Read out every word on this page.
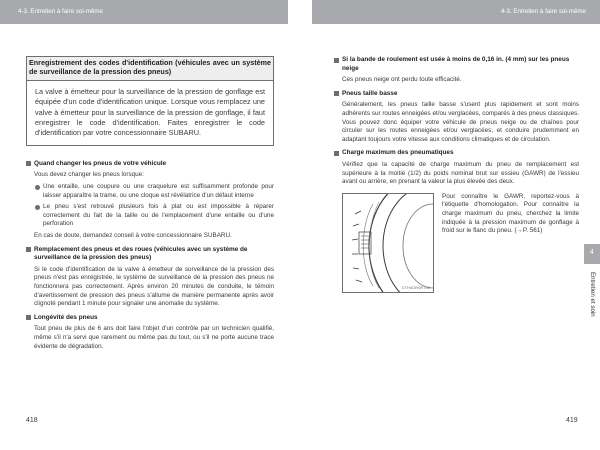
4-3. Entretien à faire soi-même	4-3. Entretien à faire soi-même
Enregistrement des codes d'identification (véhicules avec un système de surveillance de la pression des pneus)
La valve à émetteur pour la surveillance de la pression de gonflage est équipée d'un code d'identification unique. Lorsque vous remplacez une valve à émetteur pour la surveillance de la pression de gonflage, il faut enregistrer le code d'identification. Faites enregistrer le code d'identification par votre concessionnaire SUBARU.
Quand changer les pneus de votre véhicule
Vous devez changer les pneus lorsque:
Une entaille, une coupure ou une craquelure est suffisamment profonde pour laisser apparaître la trame, ou une cloque est révélatrice d'un défaut interne
Le pneu s'est retrouvé plusieurs fois à plat ou est impossible à réparer correctement du fait de la taille ou de l'emplacement d'une entaille ou d'une perforation
En cas de doute, demandez conseil à votre concessionnaire SUBARU.
Remplacement des pneus et des roues (véhicules avec un système de surveillance de la pression des pneus)
Si le code d'identification de la valve à émetteur de surveillance de la pression des pneus n'est pas enregistrée, le système de surveillance de la pression des pneus ne fonctionnera pas correctement. Après environ 20 minutes de conduite, le témoin d'avertissement de pression des pneus s'allume de manière permanente après avoir clignoté pendant 1 minute pour signaler une anomalie du système.
Longévité des pneus
Tout pneu de plus de 6 ans doit faire l'objet d'un contrôle par un technicien qualifié, même s'il n'a servi que rarement ou même pas du tout, ou s'il ne porte aucune trace évidente de dégradation.
Si la bande de roulement est usée à moins de 0,16 in. (4 mm) sur les pneus neige
Ces pneus neige ont perdu toute efficacité.
Pneus taille basse
Généralement, les pneus taille basse s'usent plus rapidement et sont moins adhérents sur routes enneigées et/ou verglacées, comparés à des pneus classiques. Vous pouvez donc équiper votre véhicule de pneus neige ou de chaînes pour circuler sur les routes enneigées et/ou verglacées, et conduire prudemment en adaptant toujours votre vitesse aux conditions climatiques et de circulation.
Charge maximum des pneumatiques
Vérifiez que la capacité de charge maximum du pneu de remplacement est supérieure à la moitié (1/2) du poids nominal brut sur essieu (GAWR) de l'essieu avant ou arrière, en prenant la valeur la plus élevée des deux.
CTH4GH0R738
Pour connaître le GAWR, reportez-vous à l'étiquette d'homologation. Pour connaître la charge maximum du pneu, cherchez la limite indiquée à la pression maximum de gonflage à froid sur le flanc du pneu. (→P. 561)
4
Entretien et soin
418	419
